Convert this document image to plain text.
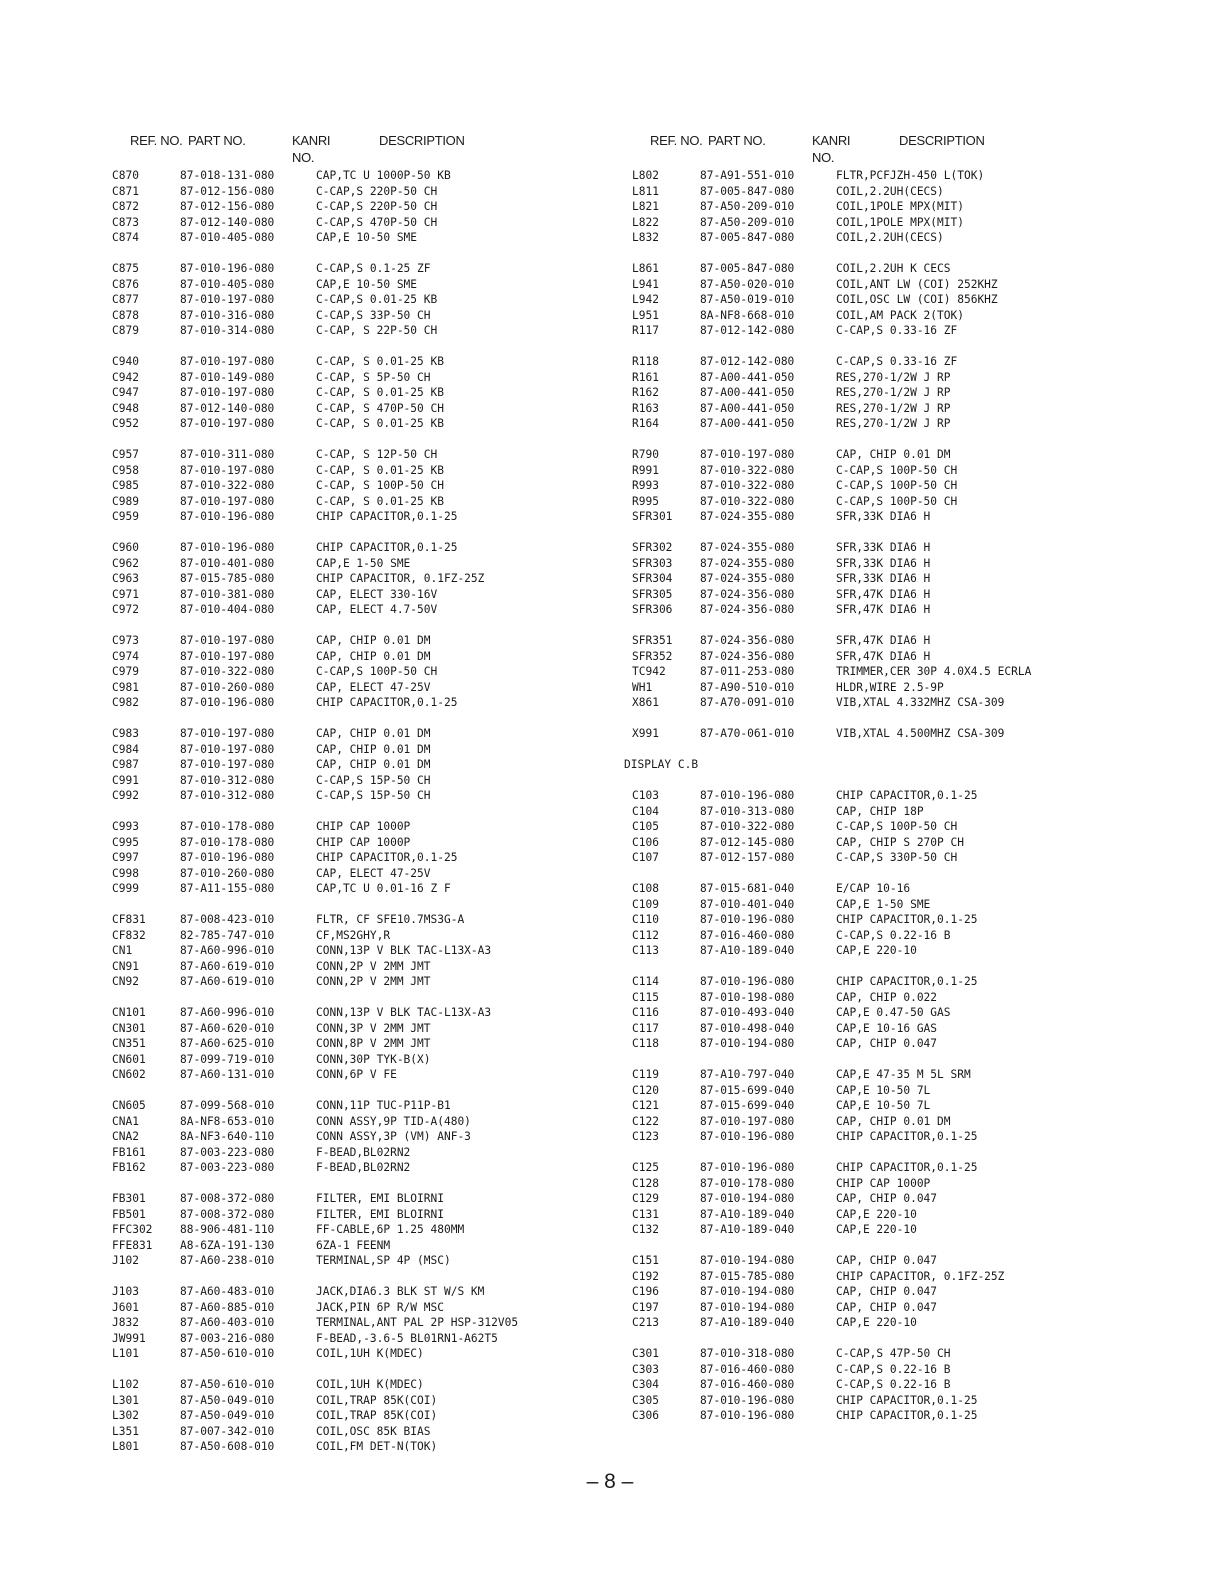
REF. NO. PART NO.	KANRI
NO.
DESCRIPTION
C870	87-018-131-080	CAP,TC U 1000P-50 KB
C871	87-012-156-080	C-CAP,S 220P-50 CH
C872	87-012-156-080	C-CAP,S 220P-50 CH
C873	87-012-140-080	C-CAP,S 470P-50 CH
C874	87-010-405-080	CAP,E 10-50 SME
C875	87-010-196-080	C-CAP,S 0.1-25 ZF
C876	87-010-405-080	CAP,E 10-50 SME
C877	87-010-197-080	C-CAP,S 0.01-25 KB
C878	87-010-316-080	C-CAP,S 33P-50 CH
C879	87-010-314-080	C-CAP, S 22P-50 CH
C940	87-010-197-080	C-CAP, S 0.01-25 KB
C942	87-010-149-080	C-CAP, S 5P-50 CH
C947	87-010-197-080	C-CAP, S 0.01-25 KB
C948	87-012-140-080	C-CAP, S 470P-50 CH
C952	87-010-197-080	C-CAP, S 0.01-25 KB
C957	87-010-311-080	C-CAP, S 12P-50 CH
C958	87-010-197-080	C-CAP, S 0.01-25 KB
C985	87-010-322-080	C-CAP, S 100P-50 CH
C989	87-010-197-080	C-CAP, S 0.01-25 KB
C959	87-010-196-080	CHIP CAPACITOR,0.1-25
C960	87-010-196-080	CHIP CAPACITOR,0.1-25
C962	87-010-401-080	CAP,E 1-50 SME
C963	87-015-785-080	CHIP CAPACITOR, 0.1FZ-25Z
C971	87-010-381-080	CAP, ELECT 330-16V
C972	87-010-404-080	CAP, ELECT 4.7-50V
C973	87-010-197-080	CAP, CHIP 0.01 DM
C974	87-010-197-080	CAP, CHIP 0.01 DM
C979	87-010-322-080	C-CAP,S 100P-50 CH
C981	87-010-260-080	CAP, ELECT 47-25V
C982	87-010-196-080	CHIP CAPACITOR,0.1-25
C983	87-010-197-080	CAP, CHIP 0.01 DM
C984	87-010-197-080	CAP, CHIP 0.01 DM
C987	87-010-197-080	CAP, CHIP 0.01 DM
C991	87-010-312-080	C-CAP,S 15P-50 CH
C992	87-010-312-080	C-CAP,S 15P-50 CH
C993	87-010-178-080	CHIP CAP 1000P
C995	87-010-178-080	CHIP CAP 1000P
C997	87-010-196-080	CHIP CAPACITOR,0.1-25
C998	87-010-260-080	CAP, ELECT 47-25V
C999	87-A11-155-080	CAP,TC U 0.01-16 Z F
CF831	87-008-423-010	FLTR, CF SFE10.7MS3G-A
CF832	82-785-747-010	CF,MS2GHY,R
CN1	87-A60-996-010	CONN,13P V BLK TAC-L13X-A3
CN91	87-A60-619-010	CONN,2P V 2MM JMT
CN92	87-A60-619-010	CONN,2P V 2MM JMT
CN101	87-A60-996-010	CONN,13P V BLK TAC-L13X-A3
CN301	87-A60-620-010	CONN,3P V 2MM JMT
CN351	87-A60-625-010	CONN,8P V 2MM JMT
CN601	87-099-719-010	CONN,30P TYK-B(X)
CN602	87-A60-131-010	CONN,6P V FE
CN605	87-099-568-010	CONN,11P TUC-P11P-B1
CNA1	8A-NF8-653-010	CONN ASSY,9P TID-A(480)
CNA2	8A-NF3-640-110	CONN ASSY,3P (VM) ANF-3
FB161	87-003-223-080	F-BEAD,BL02RN2
FB162	87-003-223-080	F-BEAD,BL02RN2
FB301	87-008-372-080	FILTER, EMI BLOIRNI
FB501	87-008-372-080	FILTER, EMI BLOIRNI
FFC302	88-906-481-110	FF-CABLE,6P 1.25 480MM
FFE831	A8-6ZA-191-130	6ZA-1 FEENM
J102	87-A60-238-010	TERMINAL,SP 4P (MSC)
J103	87-A60-483-010	JACK,DIA6.3 BLK ST W/S KM
J601	87-A60-885-010	JACK,PIN 6P R/W MSC
J832	87-A60-403-010	TERMINAL,ANT PAL 2P HSP-312V05
JW991	87-003-216-080	F-BEAD,-3.6-5 BL01RN1-A62T5
L101	87-A50-610-010	COIL,1UH K(MDEC)
L102	87-A50-610-010	COIL,1UH K(MDEC)
L301	87-A50-049-010	COIL,TRAP 85K(COI)
L302	87-A50-049-010	COIL,TRAP 85K(COI)
L351	87-007-342-010	COIL,OSC 85K BIAS
L801	87-A50-608-010	COIL,FM DET-N(TOK)
REF. NO. PART NO.	KANRI
NO.
DESCRIPTION
L802	87-A91-551-010	FLTR,PCFJZH-450 L(TOK)
L811	87-005-847-080	COIL,2.2UH(CECS)
L821	87-A50-209-010	COIL,1POLE MPX(MIT)
L822	87-A50-209-010	COIL,1POLE MPX(MIT)
L832	87-005-847-080	COIL,2.2UH(CECS)
L861	87-005-847-080	COIL,2.2UH K CECS
L941	87-A50-020-010	COIL,ANT LW (COI) 252KHZ
L942	87-A50-019-010	COIL,OSC LW (COI) 856KHZ
L951	8A-NF8-668-010	COIL,AM PACK 2(TOK)
R117	87-012-142-080	C-CAP,S 0.33-16 ZF
R118	87-012-142-080	C-CAP,S 0.33-16 ZF
R161	87-A00-441-050	RES,270-1/2W J RP
R162	87-A00-441-050	RES,270-1/2W J RP
R163	87-A00-441-050	RES,270-1/2W J RP
R164	87-A00-441-050	RES,270-1/2W J RP
R790	87-010-197-080	CAP, CHIP 0.01 DM
R991	87-010-322-080	C-CAP,S 100P-50 CH
R993	87-010-322-080	C-CAP,S 100P-50 CH
R995	87-010-322-080	C-CAP,S 100P-50 CH
SFR301	87-024-355-080	SFR,33K DIA6 H
SFR302	87-024-355-080	SFR,33K DIA6 H
SFR303	87-024-355-080	SFR,33K DIA6 H
SFR304	87-024-355-080	SFR,33K DIA6 H
SFR305	87-024-356-080	SFR,47K DIA6 H
SFR306	87-024-356-080	SFR,47K DIA6 H
SFR351	87-024-356-080	SFR,47K DIA6 H
SFR352	87-024-356-080	SFR,47K DIA6 H
TC942	87-011-253-080	TRIMMER,CER 30P 4.0X4.5 ECRLA
WH1	87-A90-510-010	HLDR,WIRE 2.5-9P
X861	87-A70-091-010	VIB,XTAL 4.332MHZ CSA-309
X991	87-A70-061-010	VIB,XTAL 4.500MHZ CSA-309
DISPLAY C.B
C103	87-010-196-080	CHIP CAPACITOR,0.1-25
C104	87-010-313-080	CAP, CHIP 18P
C105	87-010-322-080	C-CAP,S 100P-50 CH
C106	87-012-145-080	CAP, CHIP S 270P CH
C107	87-012-157-080	C-CAP,S 330P-50 CH
C108	87-015-681-040	E/CAP 10-16
C109	87-010-401-040	CAP,E 1-50 SME
C110	87-010-196-080	CHIP CAPACITOR,0.1-25
C112	87-016-460-080	C-CAP,S 0.22-16 B
C113	87-A10-189-040	CAP,E 220-10
C114	87-010-196-080	CHIP CAPACITOR,0.1-25
C115	87-010-198-080	CAP, CHIP 0.022
C116	87-010-493-040	CAP,E 0.47-50 GAS
C117	87-010-498-040	CAP,E 10-16 GAS
C118	87-010-194-080	CAP, CHIP 0.047
C119	87-A10-797-040	CAP,E 47-35 M 5L SRM
C120	87-015-699-040	CAP,E 10-50 7L
C121	87-015-699-040	CAP,E 10-50 7L
C122	87-010-197-080	CAP, CHIP 0.01 DM
C123	87-010-196-080	CHIP CAPACITOR,0.1-25
C125	87-010-196-080	CHIP CAPACITOR,0.1-25
C128	87-010-178-080	CHIP CAP 1000P
C129	87-010-194-080	CAP, CHIP 0.047
C131	87-A10-189-040	CAP,E 220-10
C132	87-A10-189-040	CAP,E 220-10
C151	87-010-194-080	CAP, CHIP 0.047
C192	87-015-785-080	CHIP CAPACITOR, 0.1FZ-25Z
C196	87-010-194-080	CAP, CHIP 0.047
C197	87-010-194-080	CAP, CHIP 0.047
C213	87-A10-189-040	CAP,E 220-10
C301	87-010-318-080	C-CAP,S 47P-50 CH
C303	87-016-460-080	C-CAP,S 0.22-16 B
C304	87-016-460-080	C-CAP,S 0.22-16 B
C305	87-010-196-080	CHIP CAPACITOR,0.1-25
C306	87-010-196-080	CHIP CAPACITOR,0.1-25
– 8 –
